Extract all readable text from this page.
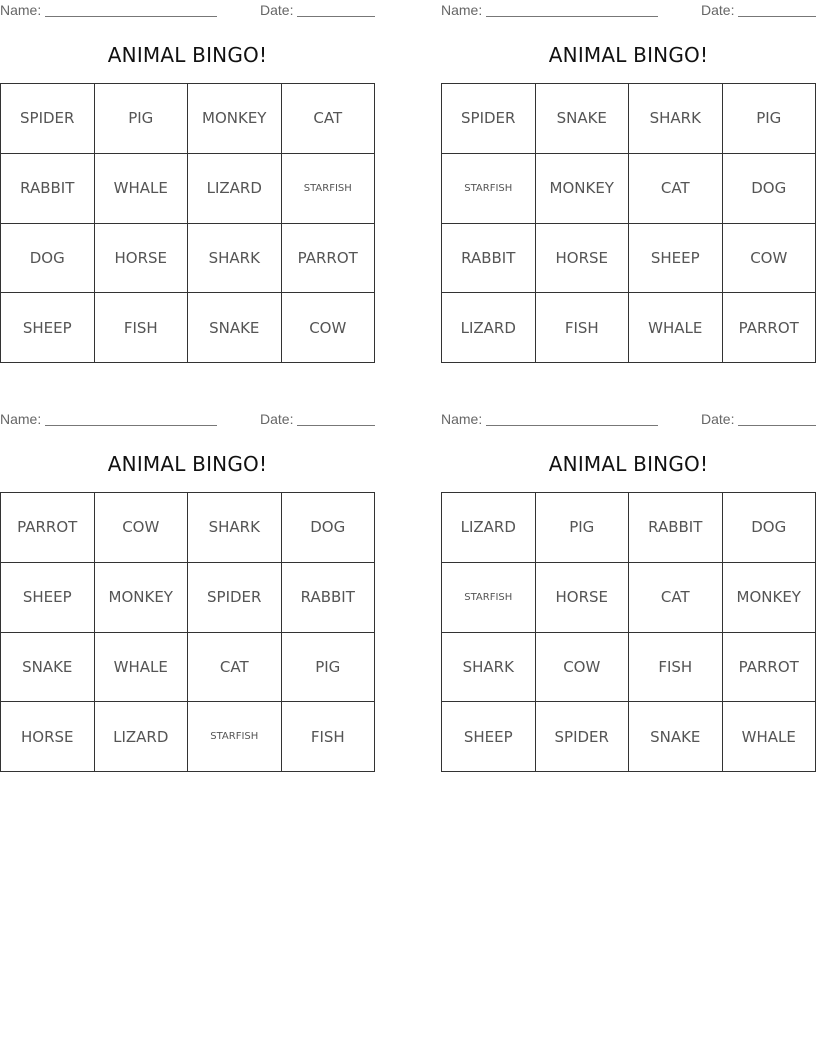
Name:	Date:
ANIMAL BINGO!
SPIDER	PIG	MONKEY	CAT
RABBIT	WHALE	LIZARD	STARFISH
DOG	HORSE	SHARK	PARROT
SHEEP	FISH	SNAKE	COW
Name:	Date:
ANIMAL BINGO!
SPIDER	SNAKE	SHARK	PIG
STARFISH	MONKEY	CAT	DOG
RABBIT	HORSE	SHEEP	COW
LIZARD	FISH	WHALE	PARROT
Name:	Date:
ANIMAL BINGO!
PARROT	COW	SHARK	DOG
SHEEP	MONKEY	SPIDER	RABBIT
SNAKE	WHALE	CAT	PIG
HORSE	LIZARD	STARFISH	FISH
Name:	Date:
ANIMAL BINGO!
LIZARD	PIG	RABBIT	DOG
STARFISH	HORSE	CAT	MONKEY
SHARK	COW	FISH	PARROT
SHEEP	SPIDER	SNAKE	WHALE
